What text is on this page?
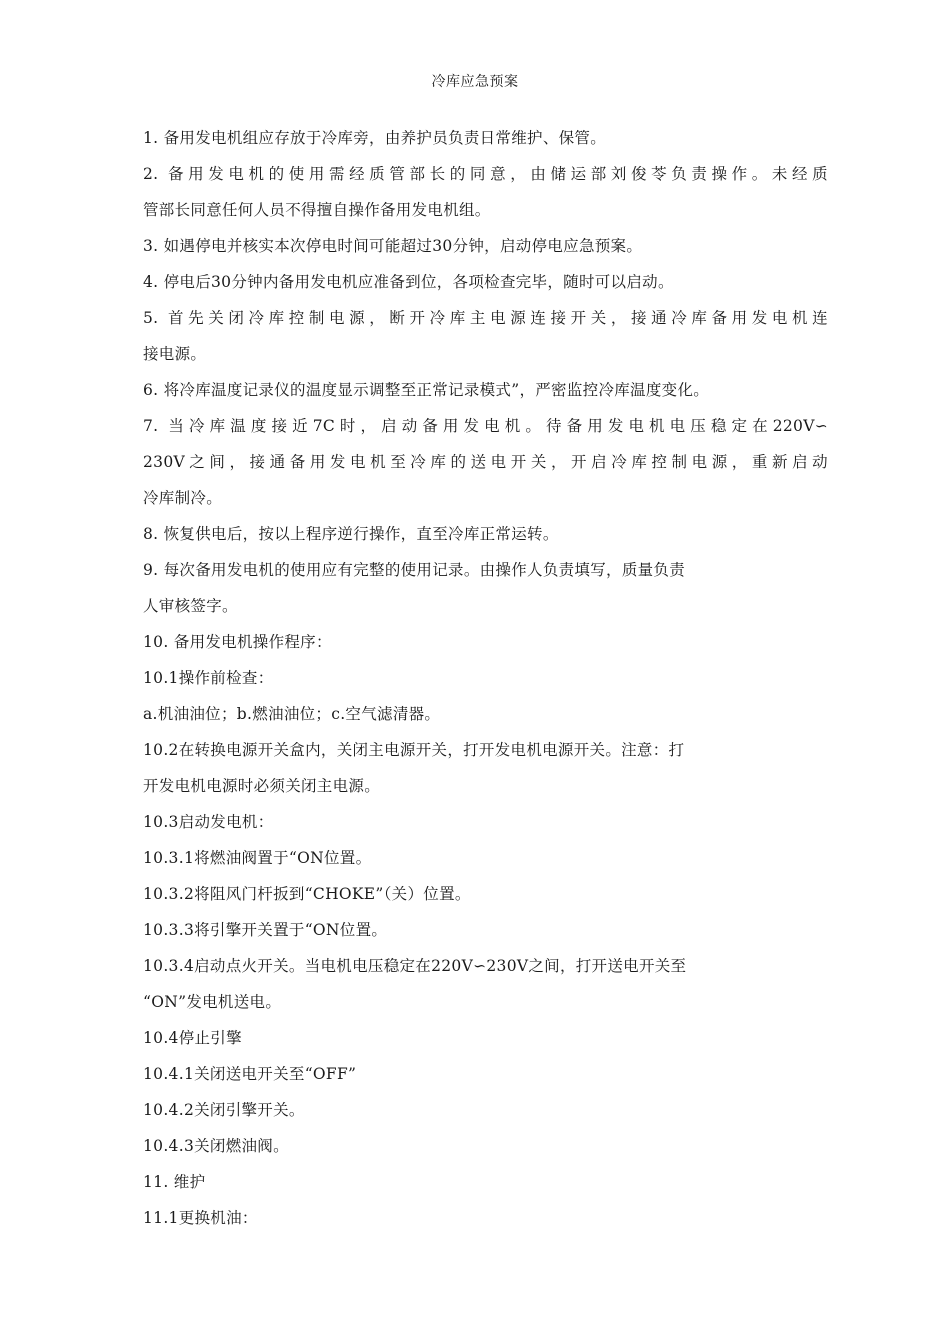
冷库应急预案
1. 备用发电机组应存放于冷库旁，由养护员负责日常维护、保管。
2. 备用发电机的使用需经质管部长的同意，由储运部刘俊苓负责操作。未经质
管部长同意任何人员不得擅自操作备用发电机组。
3. 如遇停电并核实本次停电时间可能超过30分钟，启动停电应急预案。
4. 停电后30分钟内备用发电机应准备到位，各项检查完毕，随时可以启动。
5. 首先关闭冷库控制电源，断开冷库主电源连接开关，接通冷库备用发电机连
接电源。
6. 将冷库温度记录仪的温度显示调整至正常记录模式”，严密监控冷库温度变化。
7. 当冷库温度接近7C时，启动备用发电机。待备用发电机电压稳定在220V∽
230V之间，接通备用发电机至冷库的送电开关，开启冷库控制电源，重新启动
冷库制冷。
8. 恢复供电后，按以上程序逆行操作，直至冷库正常运转。
9. 每次备用发电机的使用应有完整的使用记录。由操作人负责填写，质量负责
人审核签字。
10. 备用发电机操作程序：
10.1操作前检查：
a.机油油位；b.燃油油位；c.空气滤清器。
10.2在转换电源开关盒内，关闭主电源开关，打开发电机电源开关。注意：打
开发电机电源时必须关闭主电源。
10.3启动发电机：
10.3.1将燃油阀置于“ON位置。
10.3.2将阻风门杆扳到“CHOKE”（关）位置。
10.3.3将引擎开关置于“ON位置。
10.3.4启动点火开关。当电机电压稳定在220V∽230V之间，打开送电开关至
“ON”发电机送电。
10.4停止引擎
10.4.1关闭送电开关至“OFF”
10.4.2关闭引擎开关。
10.4.3关闭燃油阀。
11. 维护
11.1更换机油：
